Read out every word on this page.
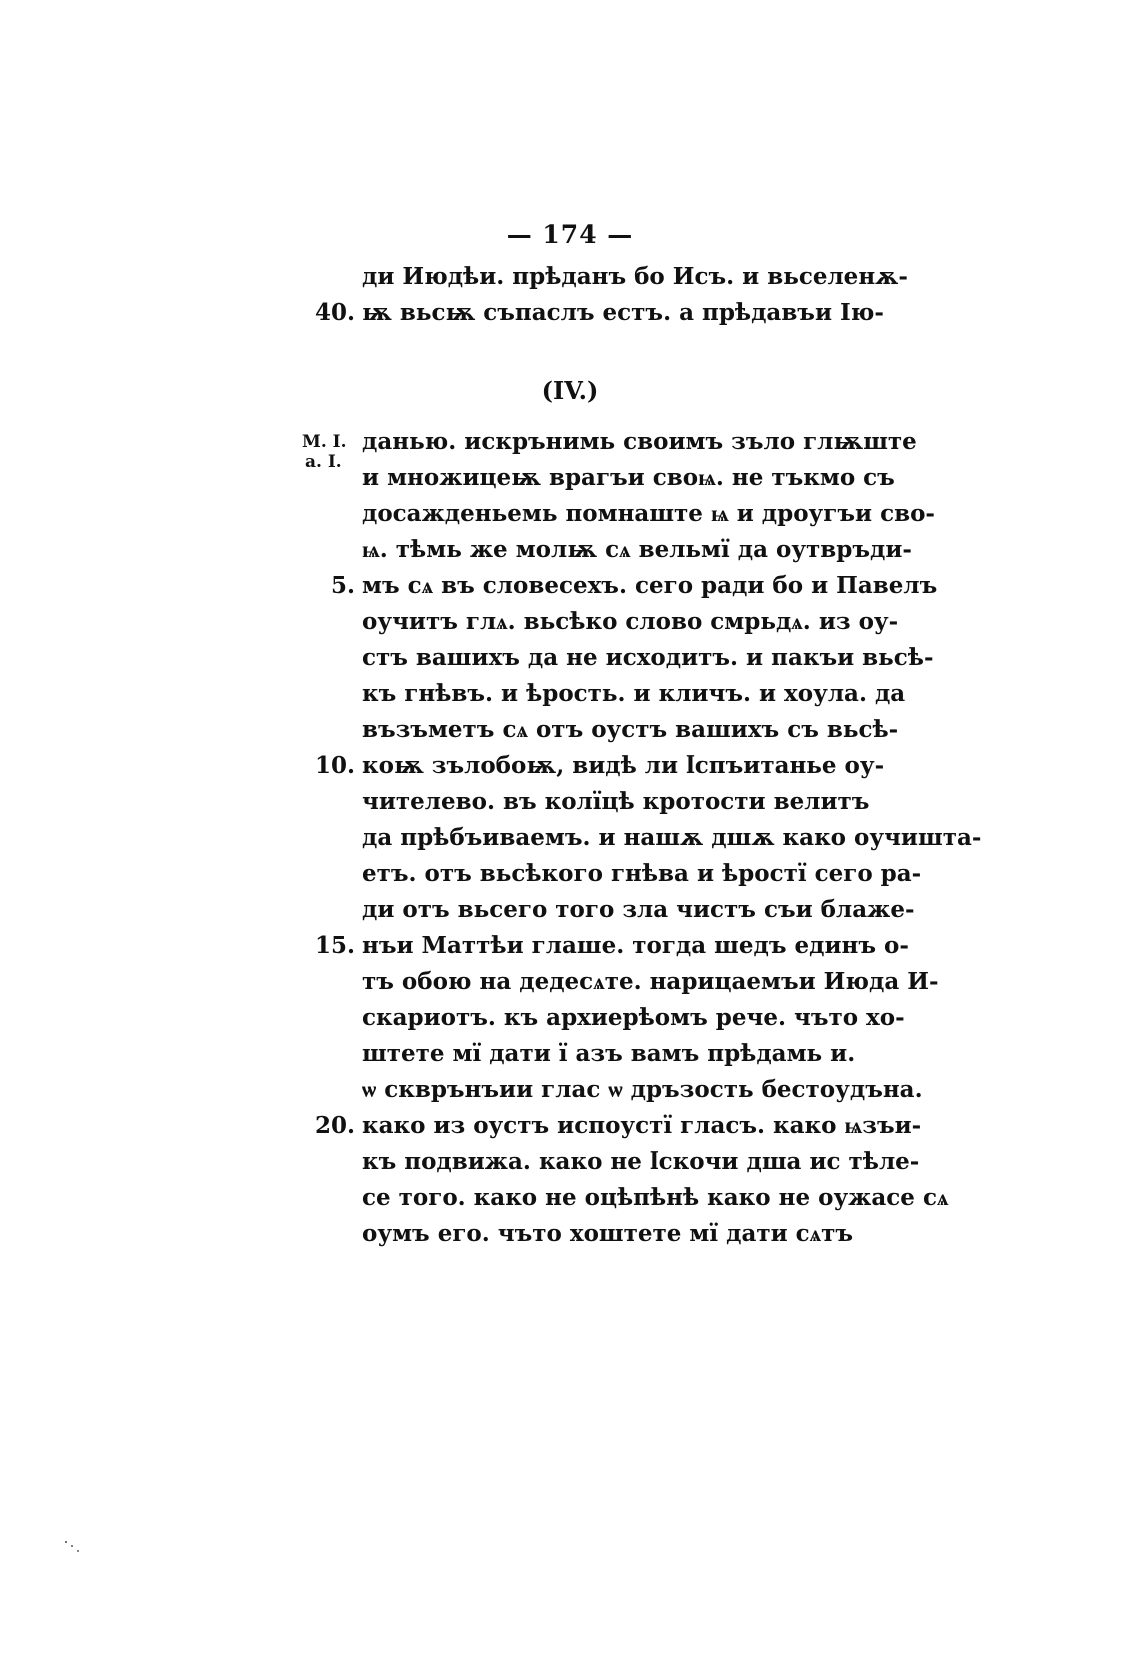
— 174 —
ди Июдѣи. прѣданъ бо Исъ. и вьселенѫ-
40. ѭ вьсѭ съпаслъ естъ. а прѣдавъи Ію-
(IV.)
М. I.
а. I.
данью. искрънимь своимъ зъло глѭште
и множицеѭ врагъи своѩ. не тъкмо съ
досажденьемь помнаште ѩ и дроугъи сво-
ѩ. тѣмь же молѭ сѧ вельмї да оутвръди-
5. мъ сѧ въ словесехъ. сего ради бо и Павелъ
оучитъ глѧ. вьсѣко слово смрьдѧ. из оу-
стъ вашихъ да не исходитъ. и пакъи вьсѣ-
къ гнѣвъ. и ѣрость. и кличъ. и хоула. да
възъметъ сѧ отъ оустъ вашихъ съ вьсѣ-
10. коѭ зълобоѭ, видѣ ли ӏспъитанье оу-
чителево. въ колїцѣ кротости велитъ
да прѣбъиваемъ. и нашѫ дшѫ како оучишта-
етъ. отъ вьсѣкого гнѣва и ѣростї сего ра-
ди отъ вьсего того зла чистъ съи блаже-
15. нъи Маттѣи глаше. тогда шедъ единъ о-
тъ обою на дедесѧте. нарицаемъи Июда И-
скариотъ. къ архиерѣомъ рече. чъто хо-
штете мї дати ї азъ вамъ прѣдамь и.
ѡ скврънъии глас ѡ дръзость бестоудъна.
20. како из оустъ испоустї гласъ. како ѩзъи-
къ подвижа. како не ӏскочи дша ис тѣле-
се того. како не оцѣпѣнѣ како не оужасе сѧ
оумъ его. чъто хоштете мї дати сѧтъ
